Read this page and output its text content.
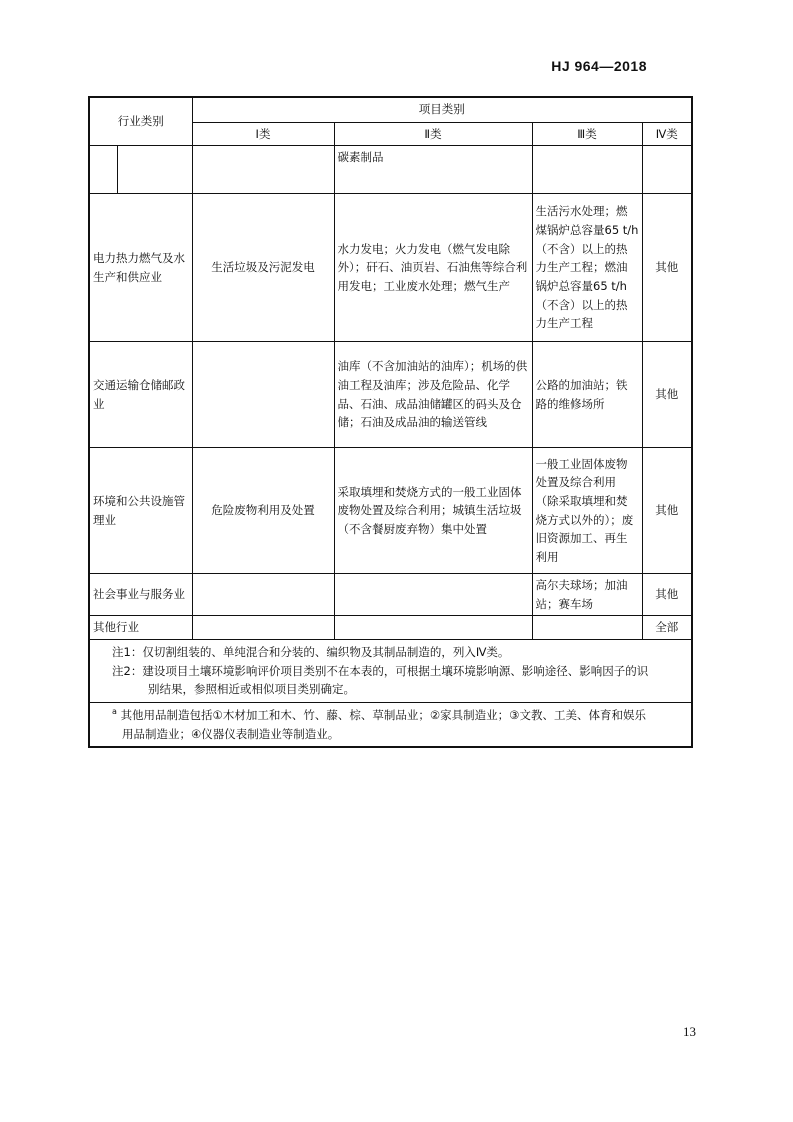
HJ 964—2018
行业类别		项目类别			
		Ⅰ类	Ⅱ类	Ⅲ类	Ⅳ类
			碳素制品		
电力热力燃气及水生产和供应业		生活垃圾及污泥发电	水力发电；火力发电（燃气发电除外）；矸石、油页岩、石油焦等综合利用发电；工业废水处理；燃气生产	生活污水处理；燃煤锅炉总容量65 t/h（不含）以上的热力生产工程；燃油锅炉总容量65 t/h（不含）以上的热力生产工程	其他
交通运输仓储邮政业			油库（不含加油站的油库）；机场的供油工程及油库；涉及危险品、化学品、石油、成品油储罐区的码头及仓储；石油及成品油的输送管线	公路的加油站；铁路的维修场所	其他
环境和公共设施管理业		危险废物利用及处置	采取填埋和焚烧方式的一般工业固体废物处置及综合利用；城镇生活垃圾（不含餐厨废弃物）集中处置	一般工业固体废物处置及综合利用（除采取填埋和焚烧方式以外的）；废旧资源加工、再生利用	其他
社会事业与服务业				高尔夫球场；加油站；赛车场	其他
其他行业					全部

注1：仅切割组装的、单纯混合和分装的、编织物及其制品制造的，列入Ⅳ类。
注2：建设项目土壤环境影响评价项目类别不在本表的，可根据土壤环境影响源、影响途径、影响因子的识
别结果，参照相近或相似项目类别确定。					

$^a$ 其他用品制造包括①木材加工和木、竹、藤、棕、草制品业；②家具制造业；③文教、工美、体育和娱乐
用品制造业；④仪器仪表制造业等制造业。					
13
